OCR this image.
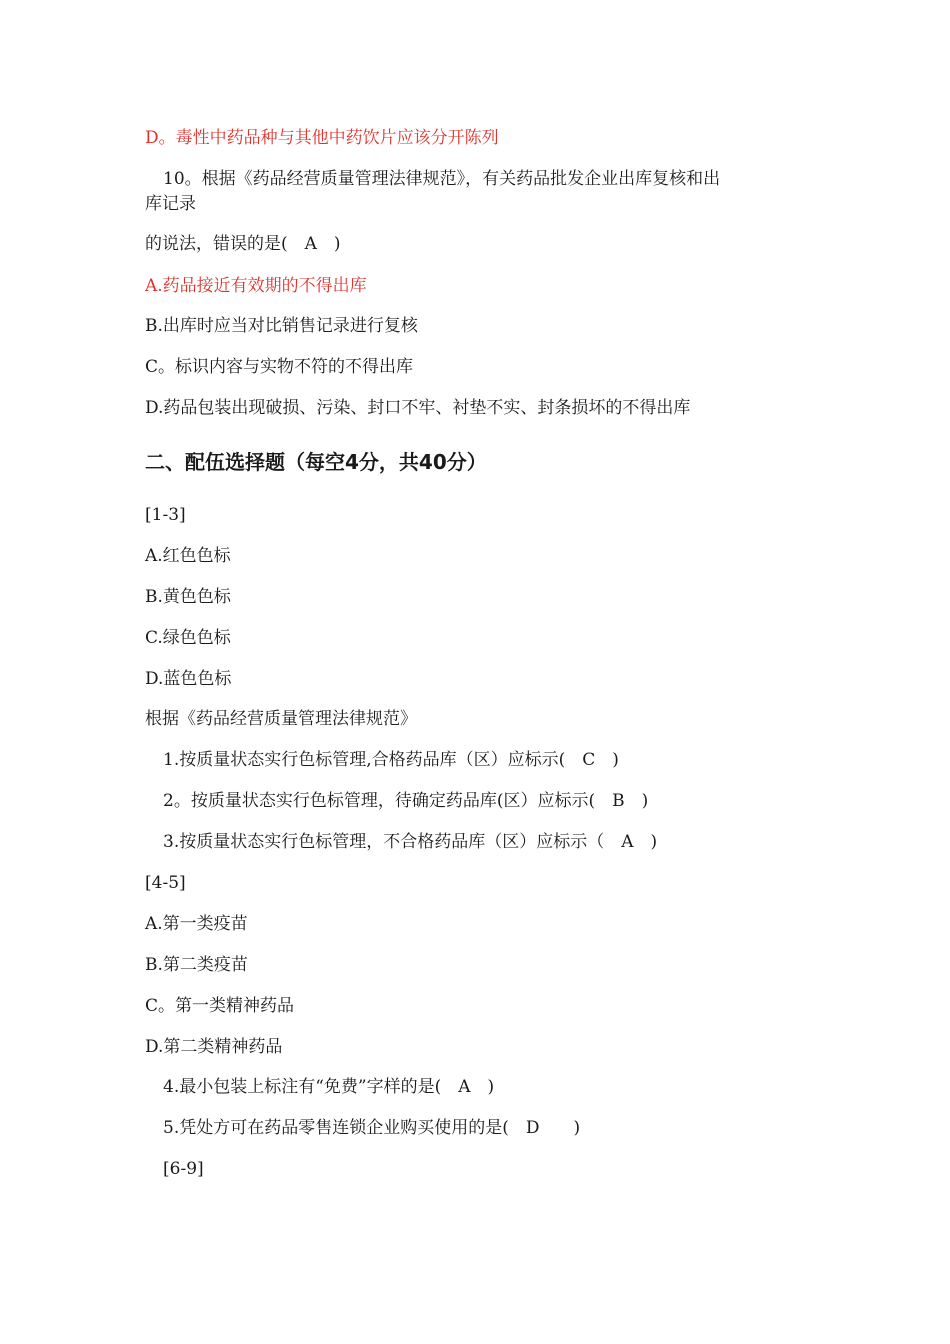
D。毒性中药品种与其他中药饮片应该分开陈列
10。根据《药品经营质量管理法律规范》，有关药品批发企业出库复核和出
库记录
的说法，错误的是(　A　)
A.药品接近有效期的不得出库
B.出库时应当对比销售记录进行复核
C。标识内容与实物不符的不得出库
D.药品包装出现破损、污染、封口不牢、衬垫不实、封条损坏的不得出库
二、配伍选择题（每空4分，共40分）
[1-3]
A.红色色标
B.黄色色标
C.绿色色标
D.蓝色色标
根据《药品经营质量管理法律规范》
1.按质量状态实行色标管理,合格药品库（区）应标示(　C　)
2。按质量状态实行色标管理，待确定药品库(区）应标示(　B　)
3.按质量状态实行色标管理，不合格药品库（区）应标示（　A　)
[4-5]
A.第一类疫苗
B.第二类疫苗
C。第一类精神药品
D.第二类精神药品
4.最小包装上标注有“免费”字样的是(　A　)
5.凭处方可在药品零售连锁企业购买使用的是(　D　　)
[6-9]
